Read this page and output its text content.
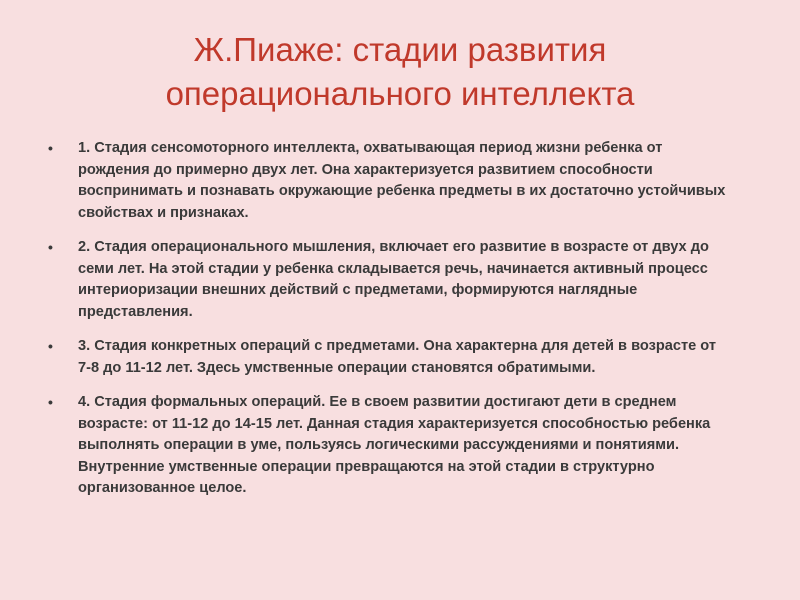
Ж.Пиаже: стадии развития
операционального интеллекта
• 1. Стадия сенсомоторного интеллекта, охватывающая период жизни ребенка от рождения до примерно двух лет. Она характеризуется развитием способности воспринимать и познавать окружающие ребенка предметы в их достаточно устойчивых свойствах и признаках.
• 2. Стадия операционального мышления, включает его развитие в возрасте от двух до семи лет. На этой стадии у ребенка складывается речь, начинается активный процесс интериоризации внешних действий с предметами, формируются наглядные представления.
• 3. Стадия конкретных операций с предметами. Она характерна для детей в возрасте от 7-8 до 11-12 лет. Здесь умственные операции становятся обратимыми.
• 4. Стадия формальных операций. Ее в своем развитии достигают дети в среднем возрасте: от 11-12 до 14-15 лет. Данная стадия характеризуется способностью ребенка выполнять операции в уме, пользуясь логическими рассуждениями и понятиями. Внутренние умственные операции превращаются на этой стадии в структурно организованное целое.
